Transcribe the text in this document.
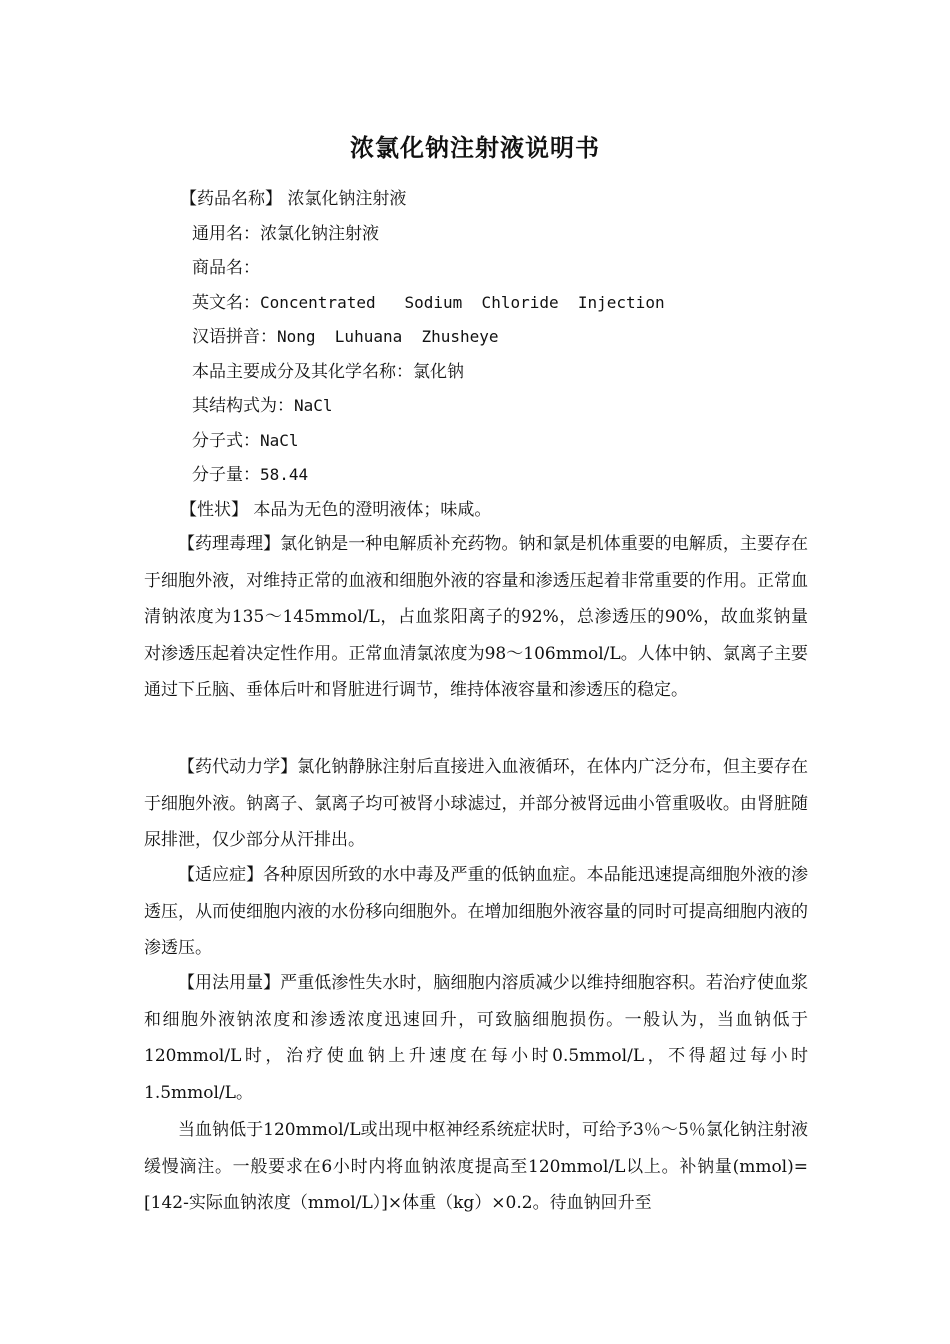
浓氯化钠注射液说明书
【药品名称】 浓氯化钠注射液
通用名：浓氯化钠注射液
商品名：
英文名：Concentrated   Sodium  Chloride  Injection
汉语拼音：Nong  Luhuana  Zhusheye
本品主要成分及其化学名称：氯化钠
其结构式为：NaCl
分子式：NaCl
分子量：58.44
【性状】 本品为无色的澄明液体；味咸。
【药理毒理】氯化钠是一种电解质补充药物。钠和氯是机体重要的电解质，主要存在于细胞外液，对维持正常的血液和细胞外液的容量和渗透压起着非常重要的作用。正常血清钠浓度为135～145mmol/L，占血浆阳离子的92%，总渗透压的90%，故血浆钠量对渗透压起着决定性作用。正常血清氯浓度为98～106mmol/L。人体中钠、氯离子主要通过下丘脑、垂体后叶和肾脏进行调节，维持体液容量和渗透压的稳定。
【药代动力学】氯化钠静脉注射后直接进入血液循环，在体内广泛分布，但主要存在于细胞外液。钠离子、氯离子均可被肾小球滤过，并部分被肾远曲小管重吸收。由肾脏随尿排泄，仅少部分从汗排出。
【适应症】各种原因所致的水中毒及严重的低钠血症。本品能迅速提高细胞外液的渗透压，从而使细胞内液的水份移向细胞外。在增加细胞外液容量的同时可提高细胞内液的渗透压。
【用法用量】严重低渗性失水时，脑细胞内溶质减少以维持细胞容积。若治疗使血浆和细胞外液钠浓度和渗透浓度迅速回升，可致脑细胞损伤。一般认为，当血钠低于120mmol/L时，治疗使血钠上升速度在每小时0.5mmol/L，不得超过每小时1.5mmol/L。
当血钠低于120mmol/L或出现中枢神经系统症状时，可给予3％～5％氯化钠注射液缓慢滴注。一般要求在6小时内将血钠浓度提高至120mmol/L以上。补钠量(mmol)=[142-实际血钠浓度（mmol/L）]×体重（kg）×0.2。待血钠回升至
